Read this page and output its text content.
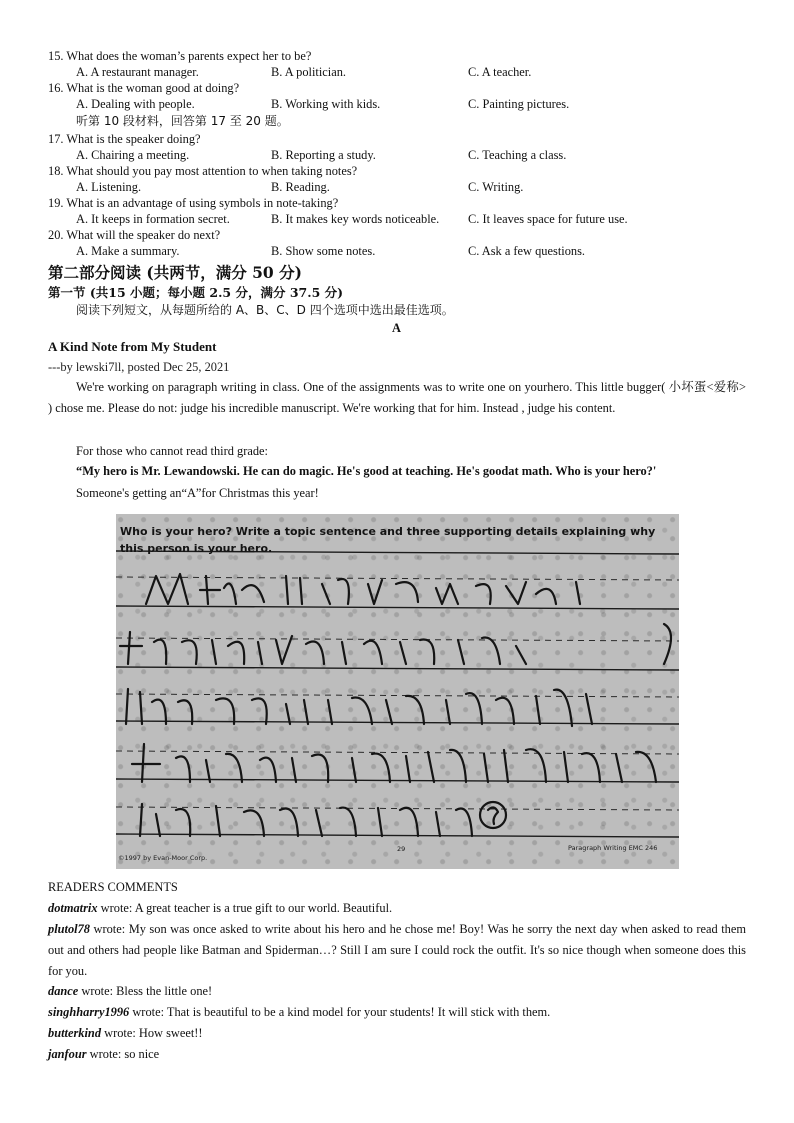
15. What does the woman’s parents expect her to be?
A. A restaurant manager.	B. A politician.	C. A teacher.
16. What is the woman good at doing?
A. Dealing with people.	B. Working with kids.	C. Painting pictures.
听第 10 段材料，回答第 17 至 20 题。
17. What is the speaker doing?
A. Chairing a meeting.	B. Reporting a study.	C. Teaching a class.
18. What should you pay most attention to when taking notes?
A. Listening.	B. Reading.	C. Writing.
19. What is an advantage of using symbols in note-taking?
A. It keeps in formation secret.	B. It makes key words noticeable. C. It leaves space for future use.
20. What will the speaker do next?
A. Make a summary.	B. Show some notes.	C. Ask a few questions.
第二部分阅读 (共两节，满分 50 分)
第一节 (共15 小题；每小题 2.5 分，满分 37.5 分)
阅读下列短文，从每题所给的 A、B、C、D 四个选项中选出最佳选项。
A
A Kind Note from My Student
---by lewski7ll, posted Dec 25, 2021
We're working on paragraph writing in class. One of the assignments was to write one on yourhero. This little bugger( 小坏蛋<爱称> ) chose me. Please do not: judge his incredible manuscript. We're working that for him. Instead , judge his content.
For those who cannot read third grade:
“My hero is Mr. Lewandowski. He can do magic. He's good at teaching. He's goodat math. Who is your hero?'
Someone's getting an“A”for Christmas this year!
Who is your hero? Write a topic sentence and three supporting details explaining why this person is your hero.
29	Paragraph Writing EMC 246
©1997 by Evan-Moor Corp.
READERS COMMENTS
dotmatrix wrote: A great teacher is a true gift to our world. Beautiful.
plutol78 wrote: My son was once asked to write about his hero and he chose me! Boy! Was he sorry the next day when asked to read them out and others had people like Batman and Spiderman…? Still I am sure I could rock the outfit. It's so nice though when someone does this for you.
dance wrote: Bless the little one!
singhharry1996 wrote: That is beautiful to be a kind model for your students! It will stick with them.
butterkind wrote: How sweet!!
janfour wrote: so nice
